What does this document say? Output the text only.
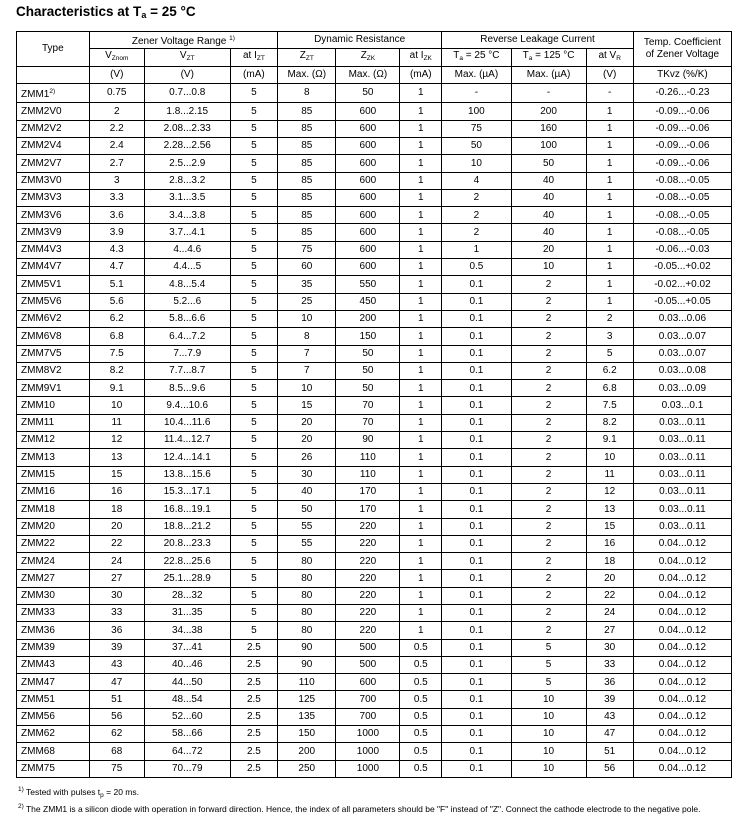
Characteristics at $T_a = 25$ °C
Type	Zener Voltage Range $^{1)}$			Dynamic Resistance			Reverse Leakage Current			Temp. Coefficient
of Zener Voltage

	$V_{Znom}$	$V_{ZT}$	at $I_{ZT}$	$Z_{ZT}$	$Z_{ZK}$	at $I_{ZK}$	$T_a = 25$ °C	$T_a = 125$ °C	at $V_R$
	(V)	(V)	(mA)	Max. (Ω)	Max. (Ω)	(mA)	Max. (µA)	Max. (µA)	(V)	TKvz (%/K)
ZMM1$^{2)}$	0.75	0.7...0.8	5	8	50	1	-	-	-	-0.26...-0.23
ZMM2V0	2	1.8...2.15	5	85	600	1	100	200	1	-0.09...-0.06
ZMM2V2	2.2	2.08...2.33	5	85	600	1	75	160	1	-0.09...-0.06
ZMM2V4	2.4	2.28...2.56	5	85	600	1	50	100	1	-0.09...-0.06
ZMM2V7	2.7	2.5...2.9	5	85	600	1	10	50	1	-0.09...-0.06
ZMM3V0	3	2.8...3.2	5	85	600	1	4	40	1	-0.08...-0.05
ZMM3V3	3.3	3.1...3.5	5	85	600	1	2	40	1	-0.08...-0.05
ZMM3V6	3.6	3.4...3.8	5	85	600	1	2	40	1	-0.08...-0.05
ZMM3V9	3.9	3.7...4.1	5	85	600	1	2	40	1	-0.08...-0.05
ZMM4V3	4.3	4...4.6	5	75	600	1	1	20	1	-0.06...-0.03
ZMM4V7	4.7	4.4...5	5	60	600	1	0.5	10	1	-0.05...+0.02
ZMM5V1	5.1	4.8...5.4	5	35	550	1	0.1	2	1	-0.02...+0.02
ZMM5V6	5.6	5.2...6	5	25	450	1	0.1	2	1	-0.05...+0.05
ZMM6V2	6.2	5.8...6.6	5	10	200	1	0.1	2	2	0.03...0.06
ZMM6V8	6.8	6.4...7.2	5	8	150	1	0.1	2	3	0.03...0.07
ZMM7V5	7.5	7...7.9	5	7	50	1	0.1	2	5	0.03...0.07
ZMM8V2	8.2	7.7...8.7	5	7	50	1	0.1	2	6.2	0.03...0.08
ZMM9V1	9.1	8.5...9.6	5	10	50	1	0.1	2	6.8	0.03...0.09
ZMM10	10	9.4...10.6	5	15	70	1	0.1	2	7.5	0.03...0.1
ZMM11	11	10.4...11.6	5	20	70	1	0.1	2	8.2	0.03...0.11
ZMM12	12	11.4...12.7	5	20	90	1	0.1	2	9.1	0.03...0.11
ZMM13	13	12.4...14.1	5	26	110	1	0.1	2	10	0.03...0.11
ZMM15	15	13.8...15.6	5	30	110	1	0.1	2	11	0.03...0.11
ZMM16	16	15.3...17.1	5	40	170	1	0.1	2	12	0.03...0.11
ZMM18	18	16.8...19.1	5	50	170	1	0.1	2	13	0.03...0.11
ZMM20	20	18.8...21.2	5	55	220	1	0.1	2	15	0.03...0.11
ZMM22	22	20.8...23.3	5	55	220	1	0.1	2	16	0.04...0.12
ZMM24	24	22.8...25.6	5	80	220	1	0.1	2	18	0.04...0.12
ZMM27	27	25.1...28.9	5	80	220	1	0.1	2	20	0.04...0.12
ZMM30	30	28...32	5	80	220	1	0.1	2	22	0.04...0.12
ZMM33	33	31...35	5	80	220	1	0.1	2	24	0.04...0.12
ZMM36	36	34...38	5	80	220	1	0.1	2	27	0.04...0.12
ZMM39	39	37...41	2.5	90	500	0.5	0.1	5	30	0.04...0.12
ZMM43	43	40...46	2.5	90	500	0.5	0.1	5	33	0.04...0.12
ZMM47	47	44...50	2.5	110	600	0.5	0.1	5	36	0.04...0.12
ZMM51	51	48...54	2.5	125	700	0.5	0.1	10	39	0.04...0.12
ZMM56	56	52...60	2.5	135	700	0.5	0.1	10	43	0.04...0.12
ZMM62	62	58...66	2.5	150	1000	0.5	0.1	10	47	0.04...0.12
ZMM68	68	64...72	2.5	200	1000	0.5	0.1	10	51	0.04...0.12
ZMM75	75	70...79	2.5	250	1000	0.5	0.1	10	56	0.04...0.12
$^{1)}$ Tested with pulses $t_p = 20$ ms.
$^{2)}$ The ZMM1 is a silicon diode with operation in forward direction. Hence, the index of all parameters should be "F" instead of "Z". Connect the cathode electrode to the negative pole.
